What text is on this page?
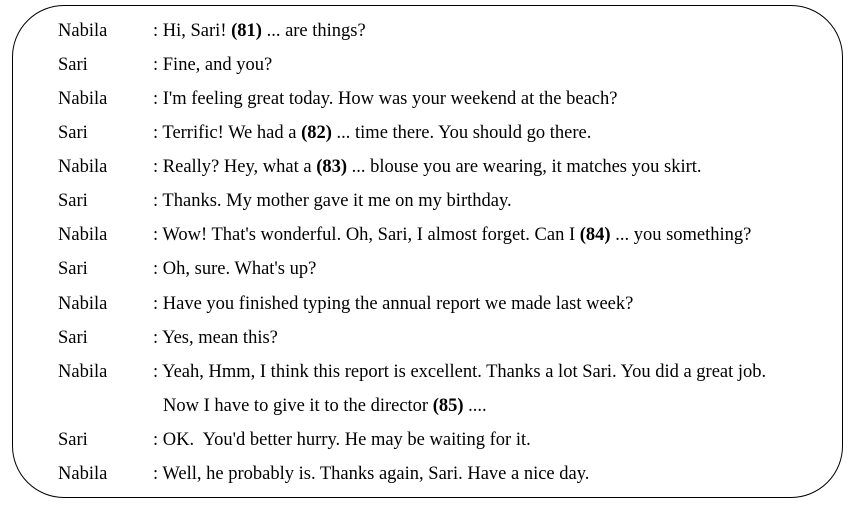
Nabila	: Hi, Sari! (81) ... are things?
Sari	: Fine, and you?
Nabila	: I'm feeling great today. How was your weekend at the beach?
Sari	: Terrific! We had a (82) ... time there. You should go there.
Nabila	: Really? Hey, what a (83) ... blouse you are wearing, it matches you skirt.
Sari	: Thanks. My mother gave it me on my birthday.
Nabila	: Wow! That's wonderful. Oh, Sari, I almost forget. Can I (84) ... you something?
Sari	: Oh, sure. What's up?
Nabila	: Have you finished typing the annual report we made last week?
Sari	: Yes, mean this?
Nabila	: Yeah, Hmm, I think this report is excellent. Thanks a lot Sari. You did a great job.
Now I have to give it to the director (85) ....
Sari	: OK.  You'd better hurry. He may be waiting for it.
Nabila	: Well, he probably is. Thanks again, Sari. Have a nice day.
